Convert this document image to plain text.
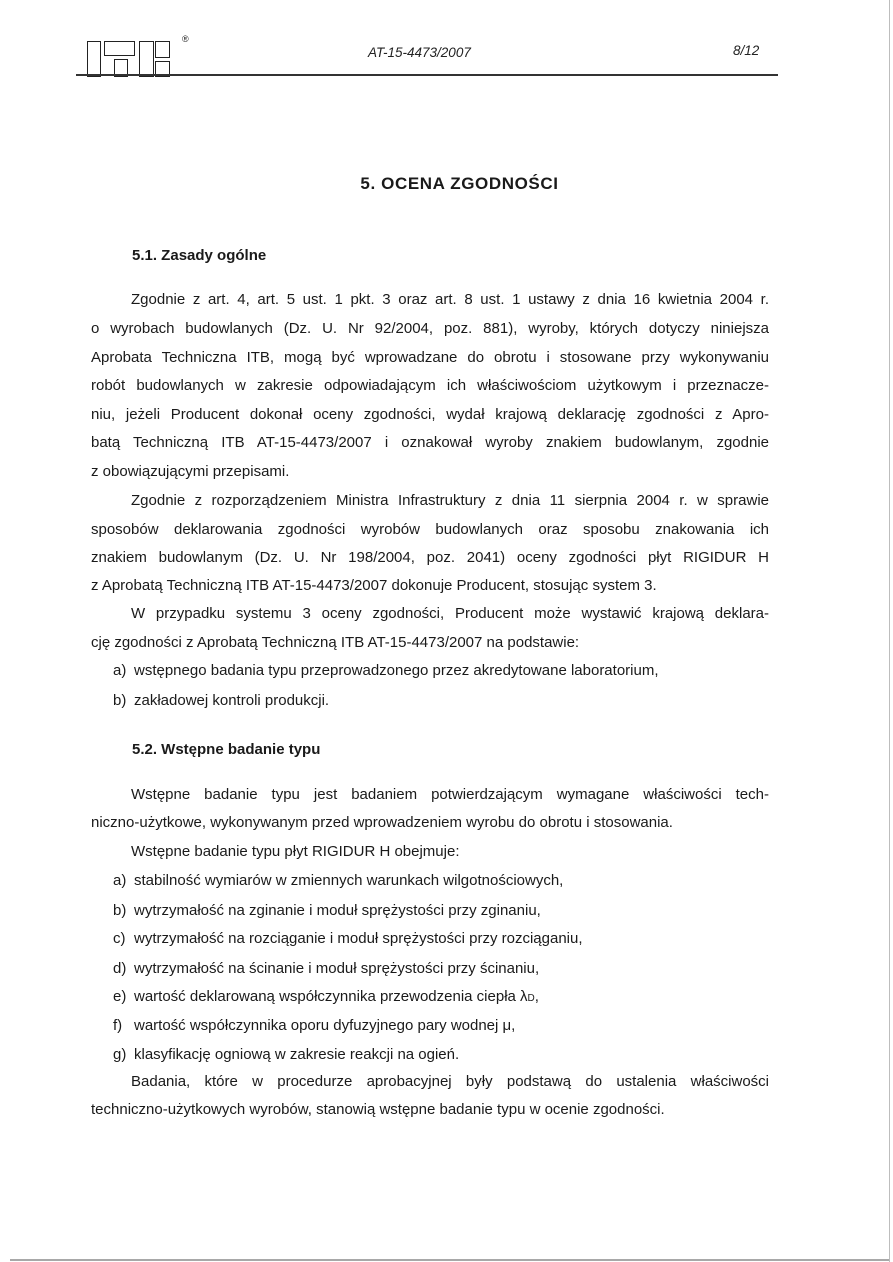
®
AT-15-4473/2007	8/12
5. OCENA ZGODNOŚCI
5.1. Zasady ogólne
Zgodnie z art. 4, art. 5 ust. 1 pkt. 3 oraz art. 8 ust. 1 ustawy z dnia 16 kwietnia 2004 r.
o wyrobach budowlanych (Dz. U. Nr 92/2004, poz. 881), wyroby, których dotyczy niniejsza
Aprobata Techniczna ITB, mogą być wprowadzane do obrotu i stosowane przy wykonywaniu
robót budowlanych w zakresie odpowiadającym ich właściwościom użytkowym i przeznacze-
niu, jeżeli Producent dokonał oceny zgodności, wydał krajową deklarację zgodności z Apro-
batą Techniczną ITB AT-15-4473/2007 i oznakował wyroby znakiem budowlanym, zgodnie
z obowiązującymi przepisami.
Zgodnie z rozporządzeniem Ministra Infrastruktury z dnia 11 sierpnia 2004 r. w sprawie
sposobów deklarowania zgodności wyrobów budowlanych oraz sposobu znakowania ich
znakiem budowlanym (Dz. U. Nr 198/2004, poz. 2041) oceny zgodności płyt RIGIDUR H
z Aprobatą Techniczną ITB AT-15-4473/2007 dokonuje Producent, stosując system 3.
W przypadku systemu 3 oceny zgodności, Producent może wystawić krajową deklara-
cję zgodności z Aprobatą Techniczną ITB AT-15-4473/2007 na podstawie:
a) wstępnego badania typu przeprowadzonego przez akredytowane laboratorium,
b) zakładowej kontroli produkcji.
5.2. Wstępne badanie typu
Wstępne badanie typu jest badaniem potwierdzającym wymagane właściwości tech-
niczno-użytkowe, wykonywanym przed wprowadzeniem wyrobu do obrotu i stosowania.
Wstępne badanie typu płyt RIGIDUR H obejmuje:
a) stabilność wymiarów w zmiennych warunkach wilgotnościowych,
b) wytrzymałość na zginanie i moduł sprężystości przy zginaniu,
c) wytrzymałość na rozciąganie i moduł sprężystości przy rozciąganiu,
d) wytrzymałość na ścinanie i moduł sprężystości przy ścinaniu,
e) wartość deklarowaną współczynnika przewodzenia ciepła λD,
f) wartość współczynnika oporu dyfuzyjnego pary wodnej μ,
g) klasyfikację ogniową w zakresie reakcji na ogień.
Badania, które w procedurze aprobacyjnej były podstawą do ustalenia właściwości
techniczno-użytkowych wyrobów, stanowią wstępne badanie typu w ocenie zgodności.
